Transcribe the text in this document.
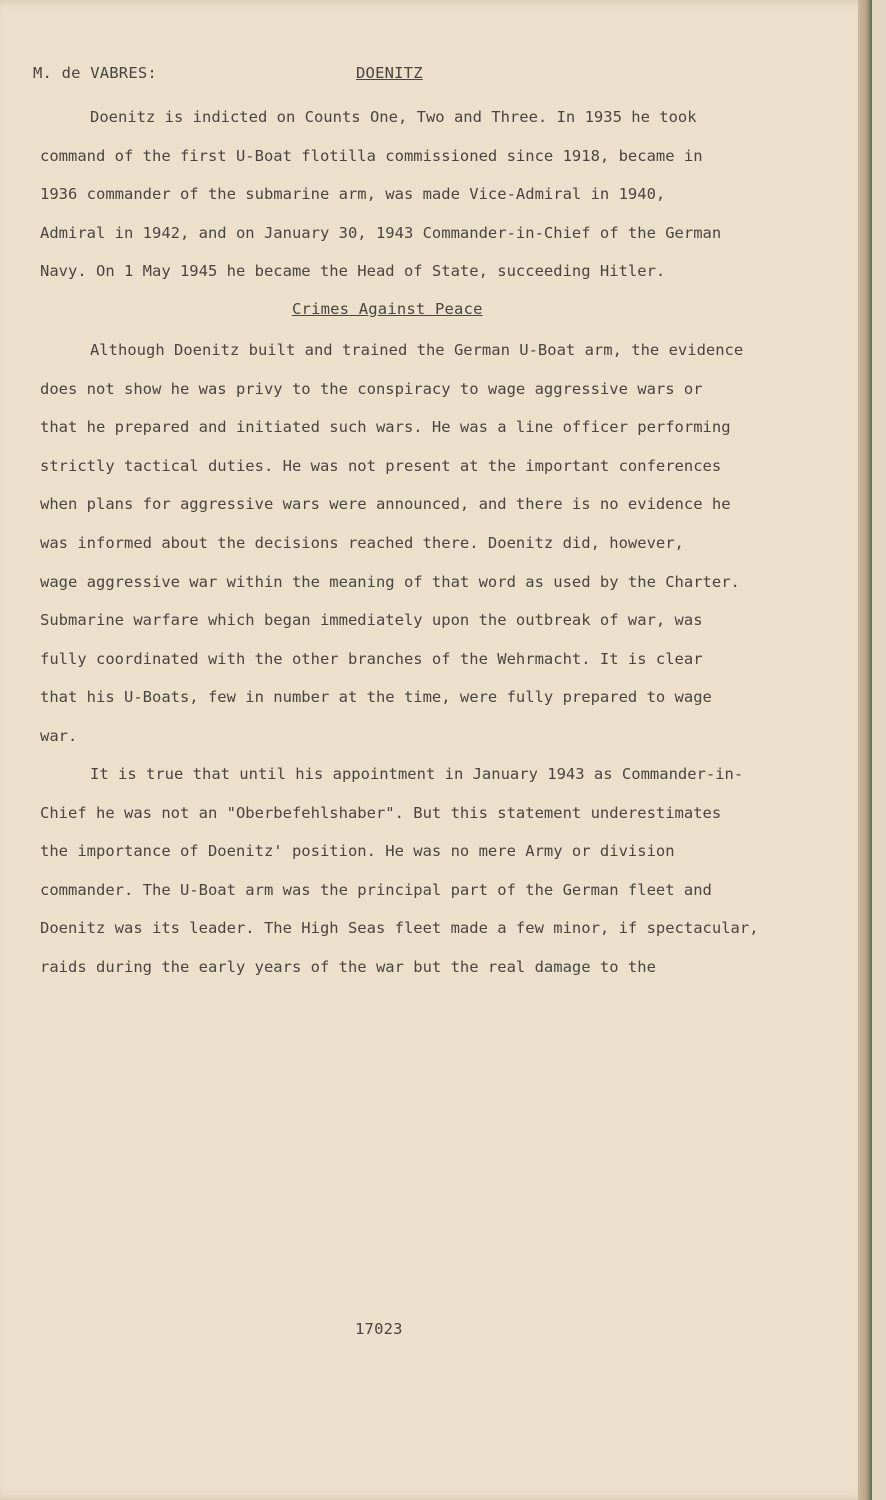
M. de VABRES:	DOENITZ

Doenitz is indicted on Counts One, Two and Three. In 1935 he took

command of the first U-Boat flotilla commissioned since 1918, became in

1936 commander of the submarine arm, was made Vice-Admiral in 1940,

Admiral in 1942, and on January 30, 1943 Commander-in-Chief of the German

Navy. On 1 May 1945 he became the Head of State, succeeding Hitler.

Crimes Against Peace

Although Doenitz built and trained the German U-Boat arm, the evidence

does not show he was privy to the conspiracy to wage aggressive wars or

that he prepared and initiated such wars. He was a line officer performing

strictly tactical duties. He was not present at the important conferences

when plans for aggressive wars were announced, and there is no evidence he

was informed about the decisions reached there. Doenitz did, however,

wage aggressive war within the meaning of that word as used by the Charter.

Submarine warfare which began immediately upon the outbreak of war, was

fully coordinated with the other branches of the Wehrmacht. It is clear

that his U-Boats, few in number at the time, were fully prepared to wage

war.

It is true that until his appointment in January 1943 as Commander-in-

Chief he was not an "Oberbefehlshaber". But this statement underestimates

the importance of Doenitz' position. He was no mere Army or division

commander. The U-Boat arm was the principal part of the German fleet and

Doenitz was its leader. The High Seas fleet made a few minor, if spectacular,

raids during the early years of the war but the real damage to the

17023
